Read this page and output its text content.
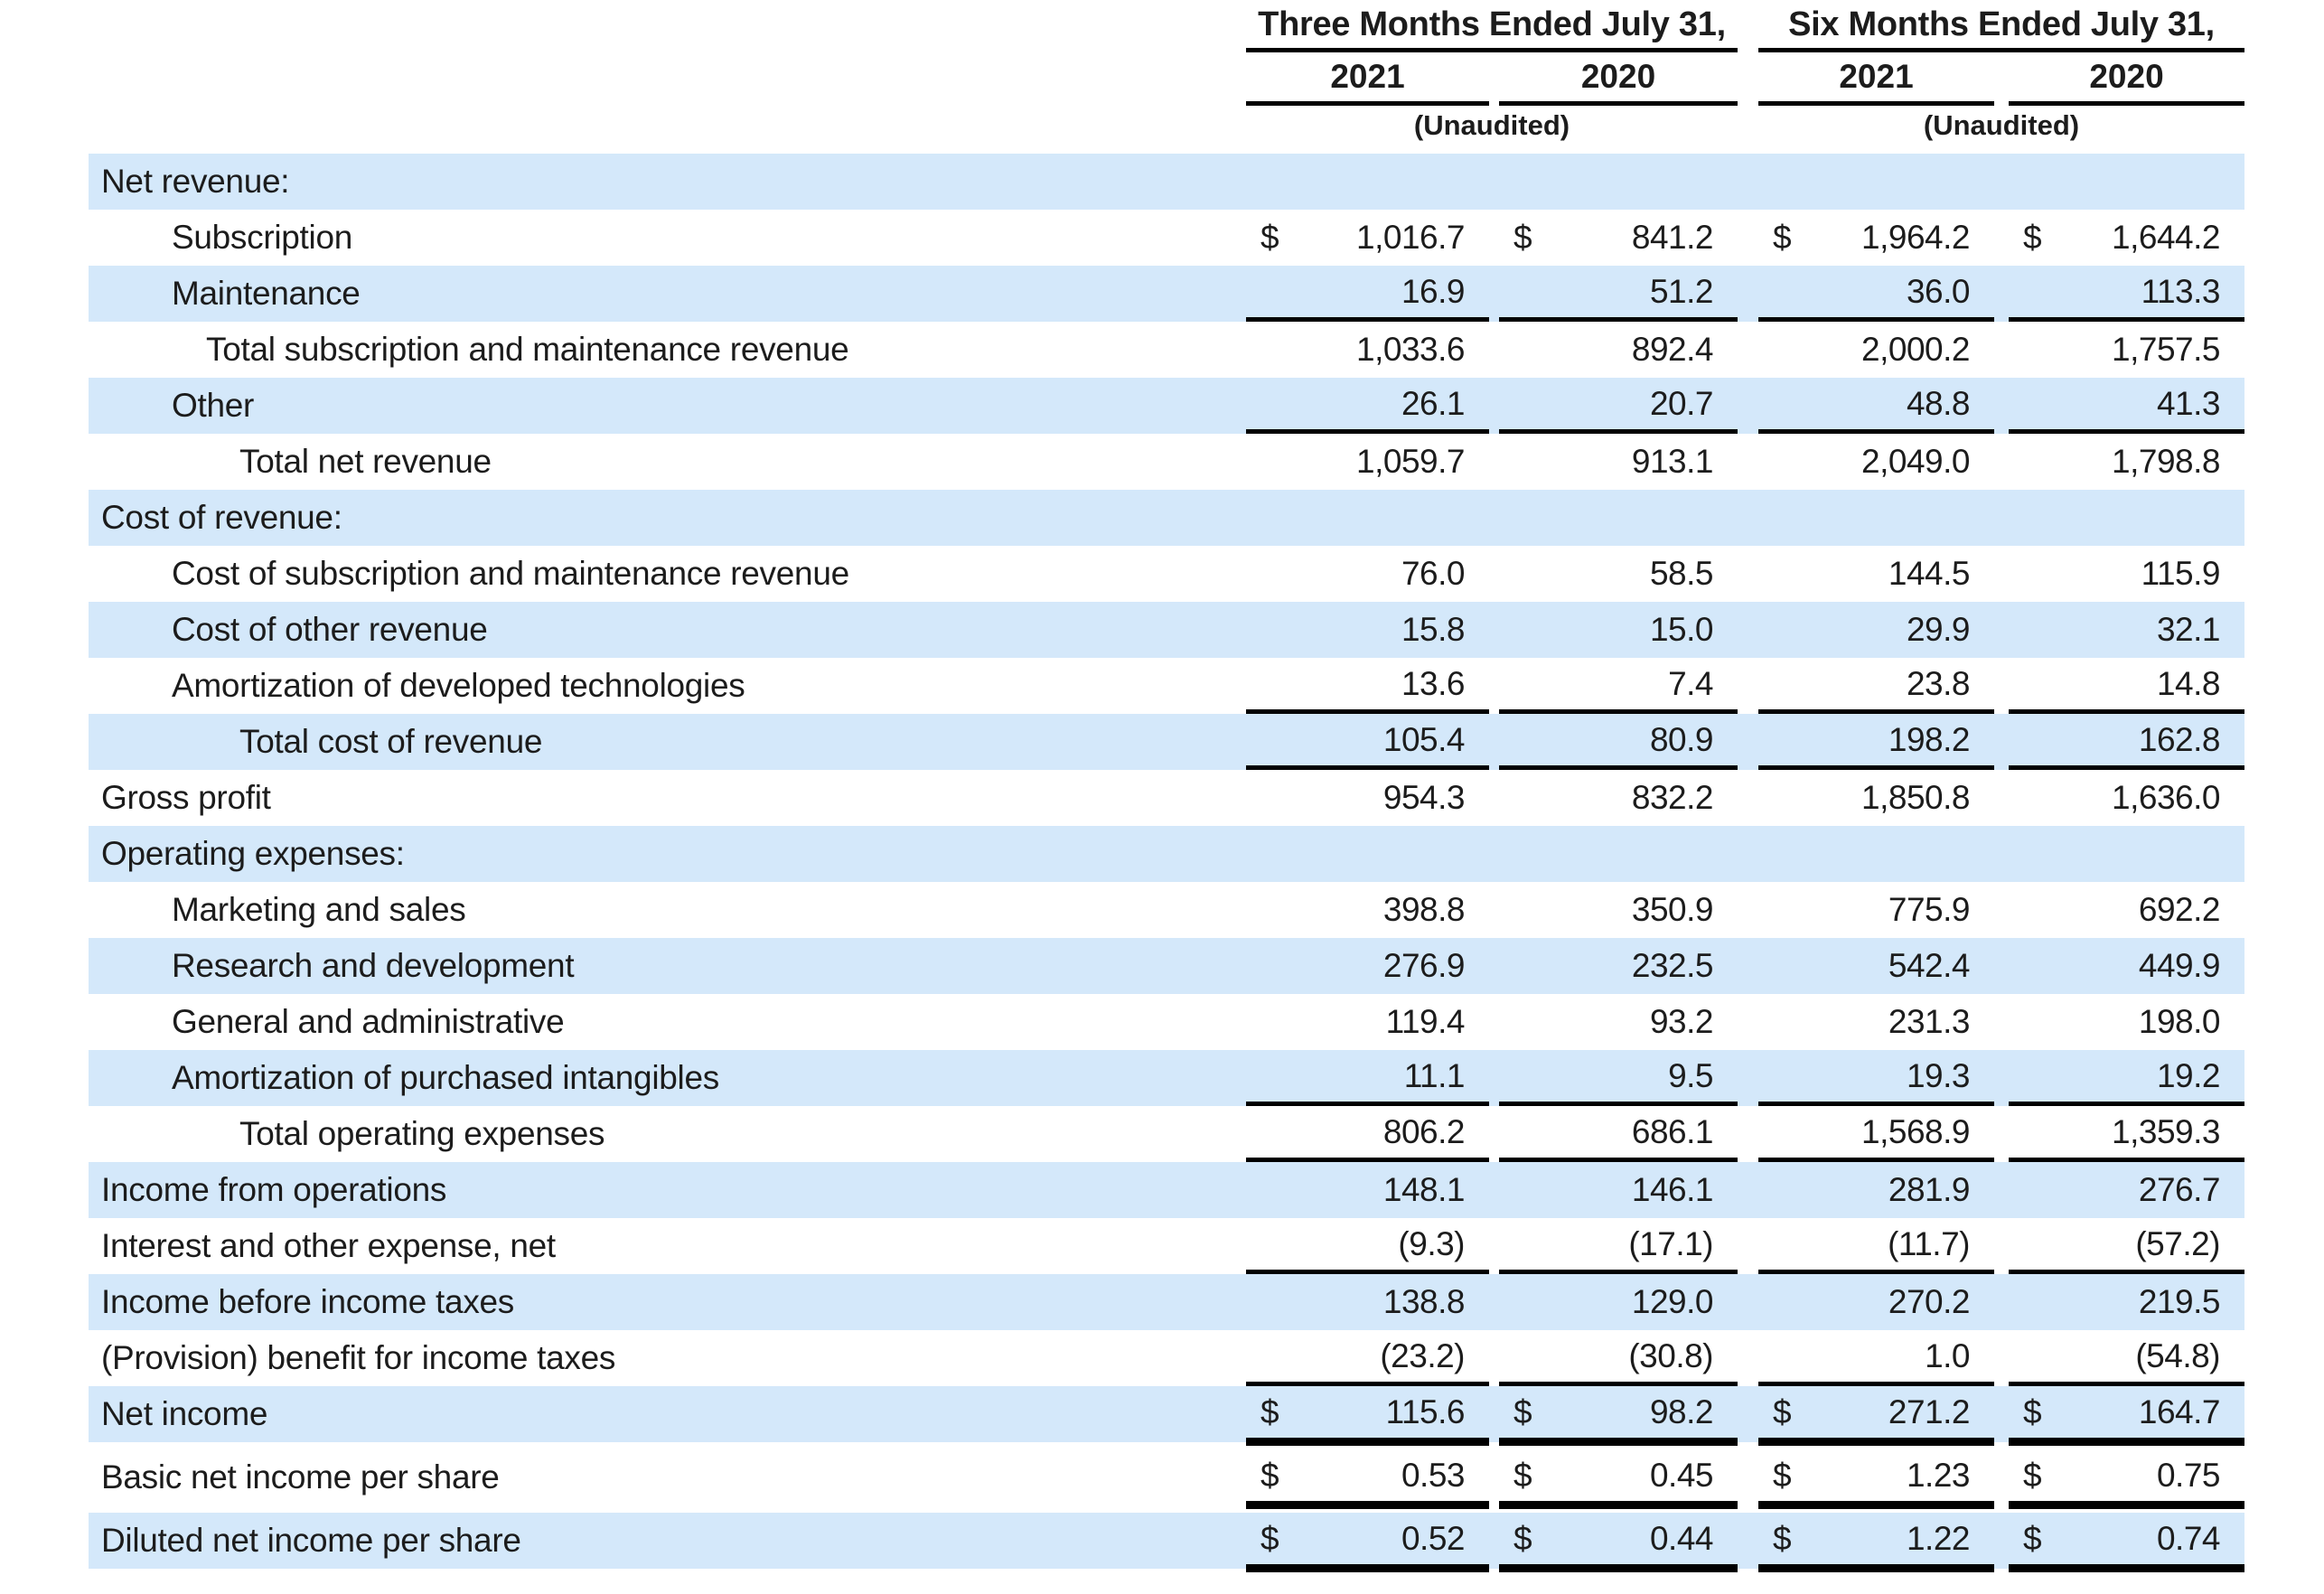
Three Months Ended July 31,	Six Months Ended July 31,
2021	2020	2021	2020
(Unaudited)	(Unaudited)
Net revenue:
Subscription	$	1,016.7	$	841.2	$	1,964.2	$	1,644.2
Maintenance	16.9	51.2	36.0	113.3
Total subscription and maintenance revenue	1,033.6	892.4	2,000.2	1,757.5
Other	26.1	20.7	48.8	41.3
Total net revenue	1,059.7	913.1	2,049.0	1,798.8
Cost of revenue:
Cost of subscription and maintenance revenue	76.0	58.5	144.5	115.9
Cost of other revenue	15.8	15.0	29.9	32.1
Amortization of developed technologies	13.6	7.4	23.8	14.8
Total cost of revenue	105.4	80.9	198.2	162.8
Gross profit	954.3	832.2	1,850.8	1,636.0
Operating expenses:
Marketing and sales	398.8	350.9	775.9	692.2
Research and development	276.9	232.5	542.4	449.9
General and administrative	119.4	93.2	231.3	198.0
Amortization of purchased intangibles	11.1	9.5	19.3	19.2
Total operating expenses	806.2	686.1	1,568.9	1,359.3
Income from operations	148.1	146.1	281.9	276.7
Interest and other expense, net	(9.3)	(17.1)	(11.7)	(57.2)
Income before income taxes	138.8	129.0	270.2	219.5
(Provision) benefit for income taxes	(23.2)	(30.8)	1.0	(54.8)
Net income	$	115.6	$	98.2	$	271.2	$	164.7
Basic net income per share	$	0.53	$	0.45	$	1.23	$	0.75
Diluted net income per share	$	0.52	$	0.44	$	1.22	$	0.74
